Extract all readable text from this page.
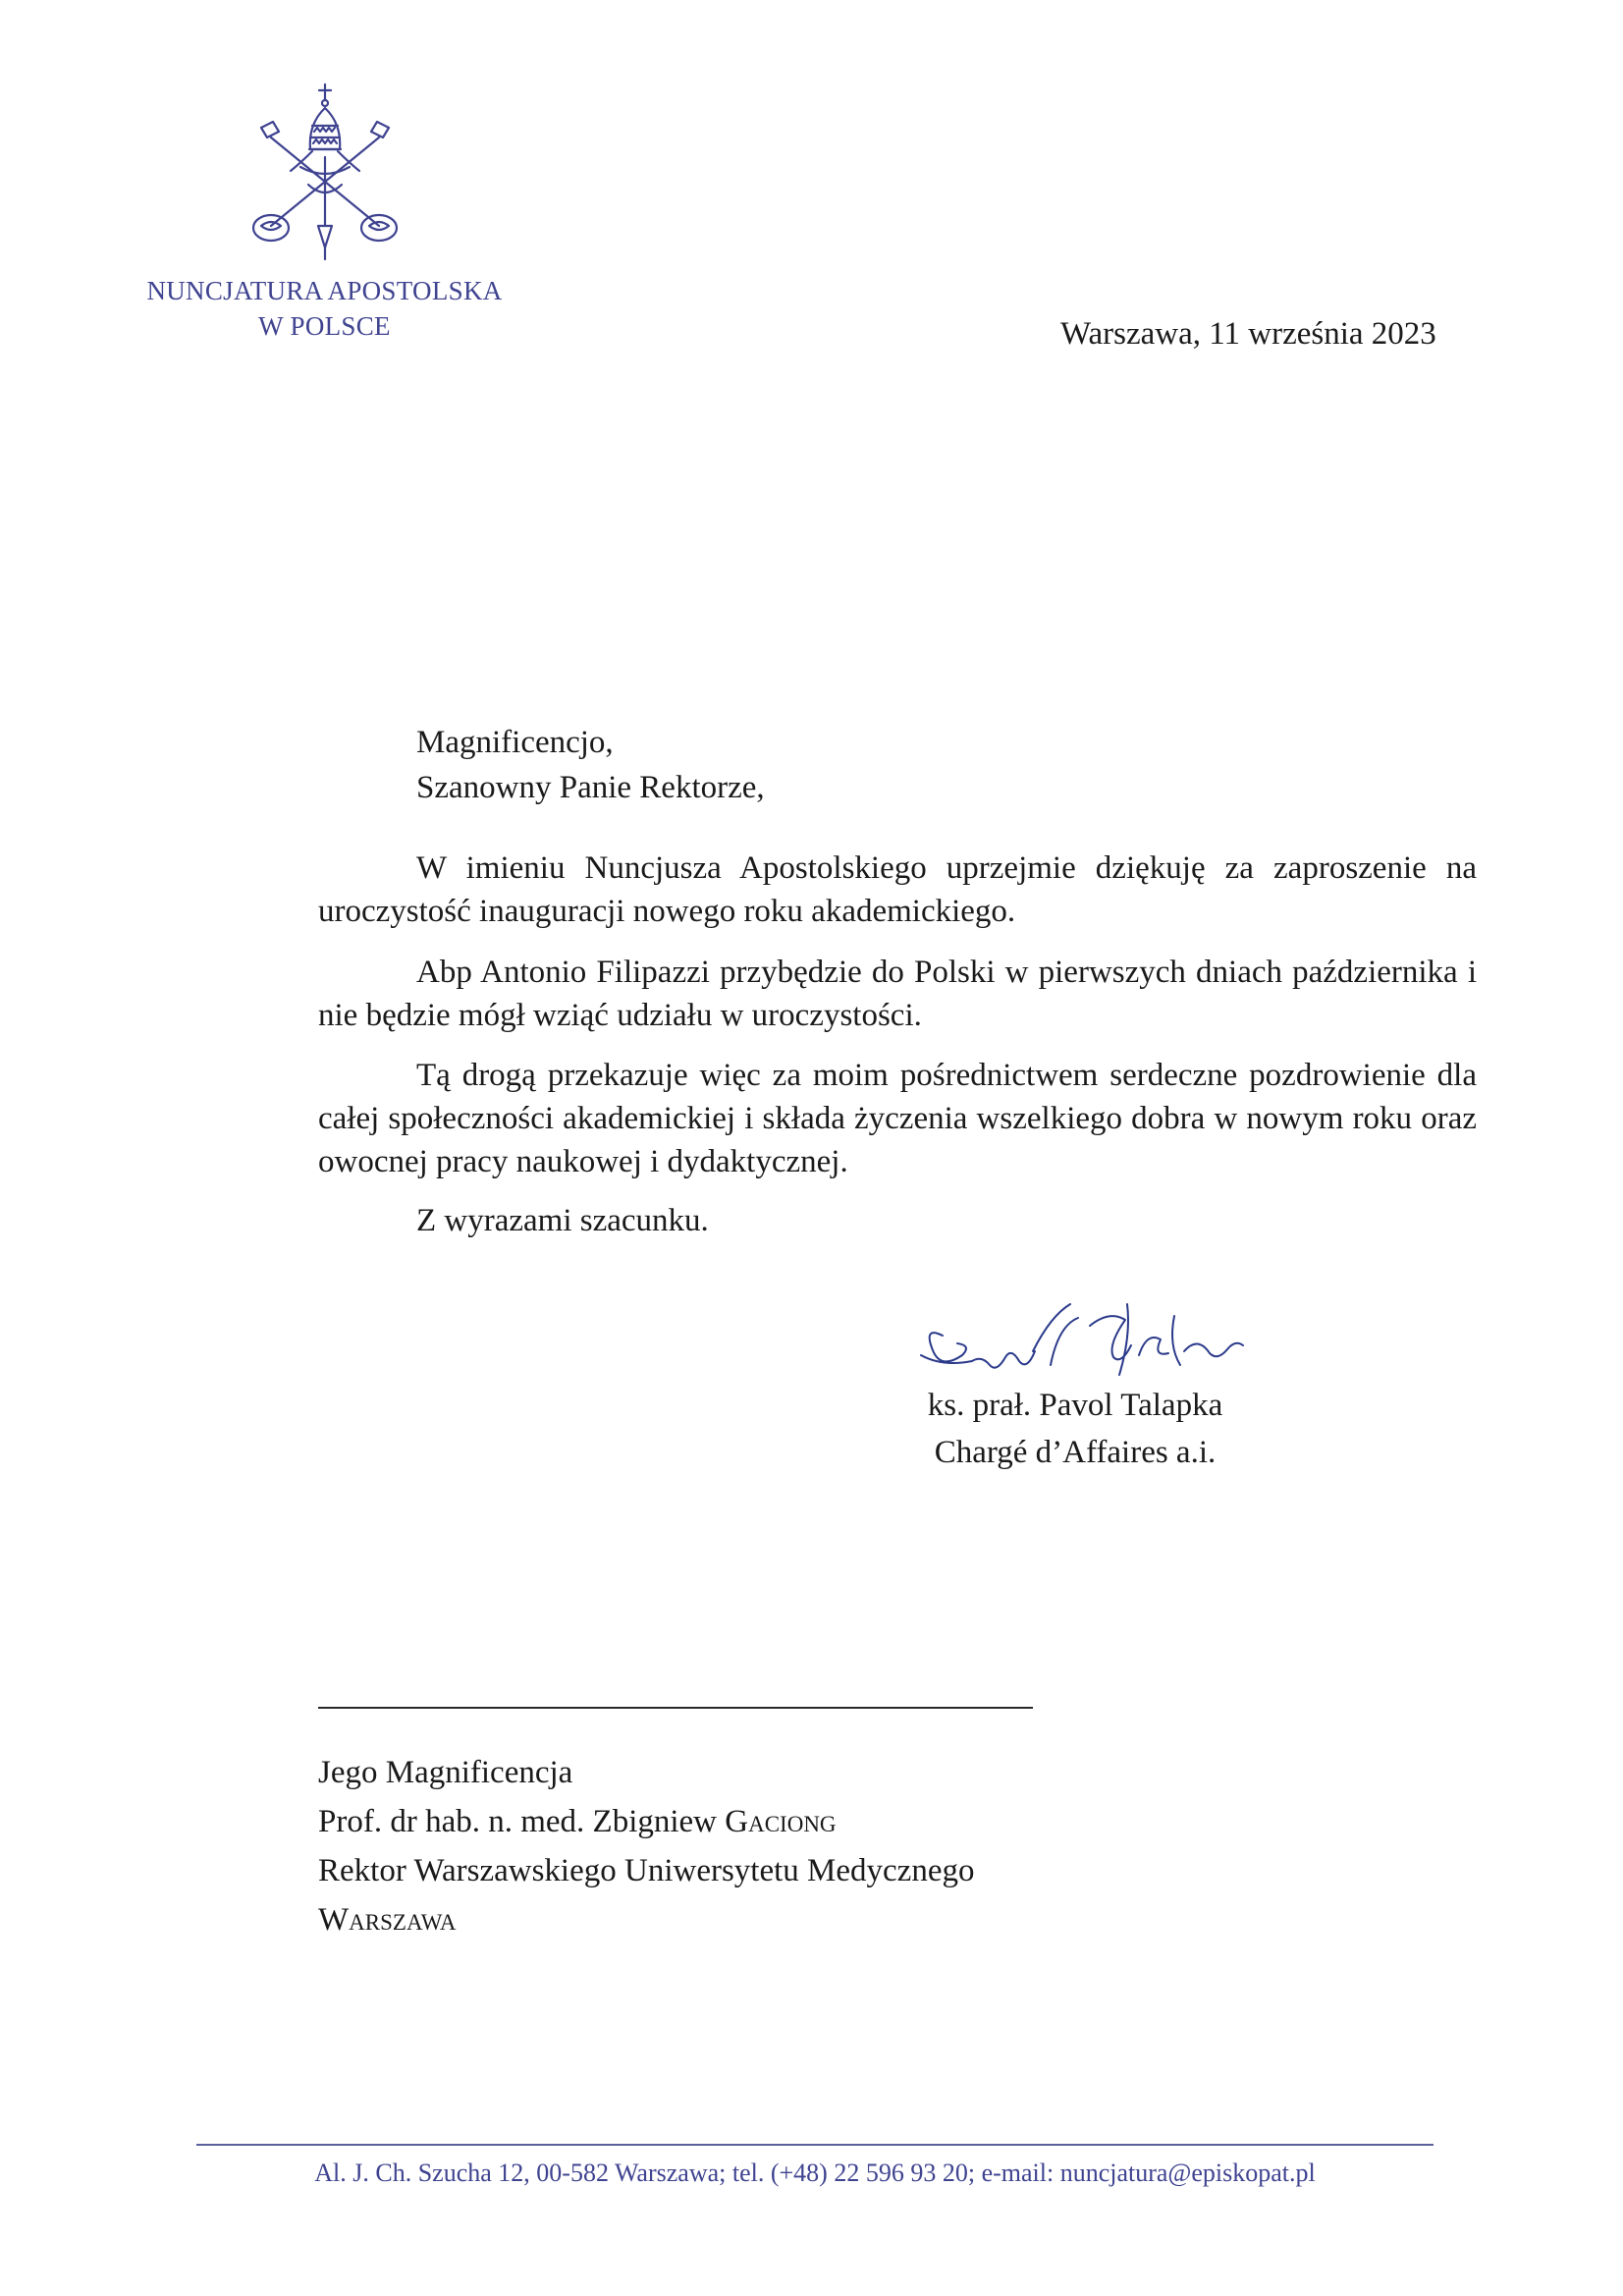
NUNCJATURA APOSTOLSKA
W POLSCE	Warszawa, 11 września 2023
Magnificencjo,
Szanowny Panie Rektorze,
W imieniu Nuncjusza Apostolskiego uprzejmie dziękuję za zaproszenie na uroczystość inauguracji nowego roku akademickiego.
Abp Antonio Filipazzi przybędzie do Polski w pierwszych dniach października i nie będzie mógł wziąć udziału w uroczystości.
Tą drogą przekazuje więc za moim pośrednictwem serdeczne pozdrowienie dla całej społeczności akademickiej i składa życzenia wszelkiego dobra w nowym roku oraz owocnej pracy naukowej i dydaktycznej.
Z wyrazami szacunku.
ks. prał. Pavol Talapka
Chargé d’Affaires a.i.
Jego Magnificencja
Prof. dr hab. n. med. Zbigniew Gaciong
Rektor Warszawskiego Uniwersytetu Medycznego
Warszawa
Al. J. Ch. Szucha 12, 00-582 Warszawa; tel. (+48) 22 596 93 20; e-mail: nuncjatura@episkopat.pl
